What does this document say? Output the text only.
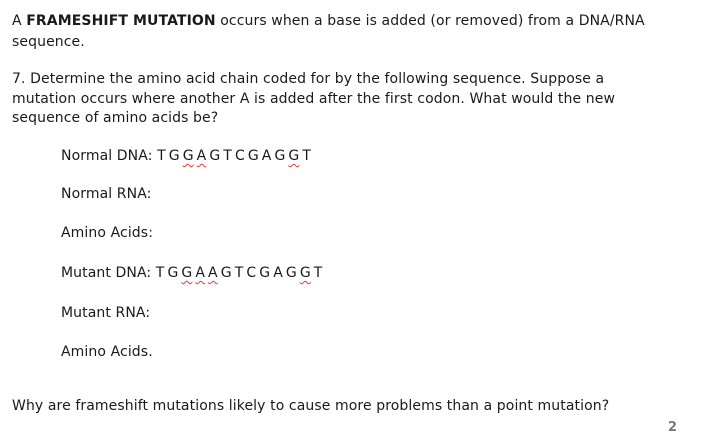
A FRAMESHIFT MUTATION occurs when a base is added (or removed) from a DNA/RNA
sequence.
7. Determine the amino acid chain coded for by the following sequence. Suppose a
mutation occurs where another A is added after the first codon. What would the new
sequence of amino acids be?
Normal DNA: T G G A G T C G A G G T
Normal RNA:
Amino Acids:
Mutant DNA: T G G A A G T C G A G G T
Mutant RNA:
Amino Acids.
Why are frameshift mutations likely to cause more problems than a point mutation?
2
